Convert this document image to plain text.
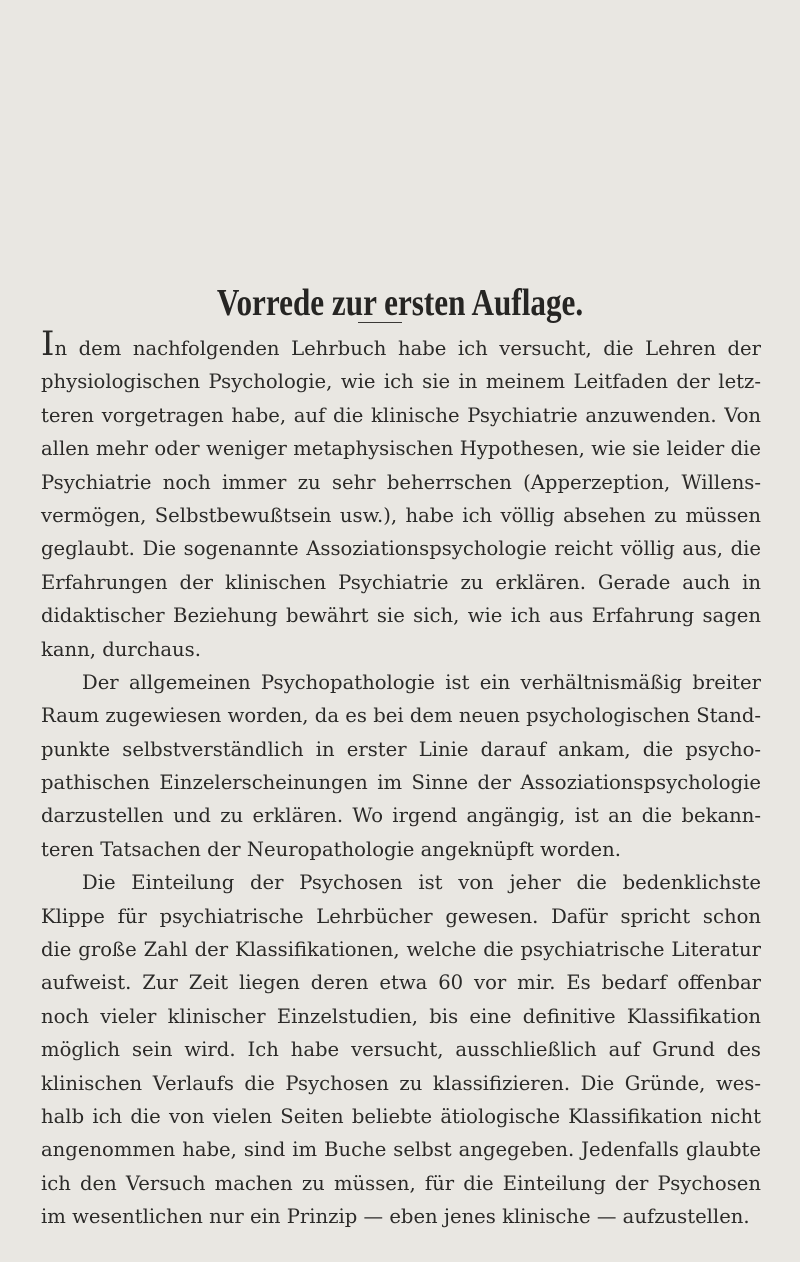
Vorrede zur ersten Auflage.
In dem nachfolgenden Lehrbuch habe ich versucht, die Lehren der
physiologischen Psychologie, wie ich sie in meinem Leitfaden der letz-
teren vorgetragen habe, auf die klinische Psychiatrie anzuwenden. Von
allen mehr oder weniger metaphysischen Hypothesen, wie sie leider die
Psychiatrie noch immer zu sehr beherrschen (Apperzeption, Willens-
vermögen, Selbstbewußtsein usw.), habe ich völlig absehen zu müssen
geglaubt. Die sogenannte Assoziationspsychologie reicht völlig aus, die
Erfahrungen der klinischen Psychiatrie zu erklären. Gerade auch in
didaktischer Beziehung bewährt sie sich, wie ich aus Erfahrung sagen
kann, durchaus.
Der allgemeinen Psychopathologie ist ein verhältnismäßig breiter
Raum zugewiesen worden, da es bei dem neuen psychologischen Stand-
punkte selbstverständlich in erster Linie darauf ankam, die psycho-
pathischen Einzelerscheinungen im Sinne der Assoziationspsychologie
darzustellen und zu erklären. Wo irgend angängig, ist an die bekann-
teren Tatsachen der Neuropathologie angeknüpft worden.
Die Einteilung der Psychosen ist von jeher die bedenklichste
Klippe für psychiatrische Lehrbücher gewesen. Dafür spricht schon
die große Zahl der Klassifikationen, welche die psychiatrische Literatur
aufweist. Zur Zeit liegen deren etwa 60 vor mir. Es bedarf offenbar
noch vieler klinischer Einzelstudien, bis eine definitive Klassifikation
möglich sein wird. Ich habe versucht, ausschließlich auf Grund des
klinischen Verlaufs die Psychosen zu klassifizieren. Die Gründe, wes-
halb ich die von vielen Seiten beliebte ätiologische Klassifikation nicht
angenommen habe, sind im Buche selbst angegeben. Jedenfalls glaubte
ich den Versuch machen zu müssen, für die Einteilung der Psychosen
im wesentlichen nur ein Prinzip — eben jenes klinische — aufzustellen.
